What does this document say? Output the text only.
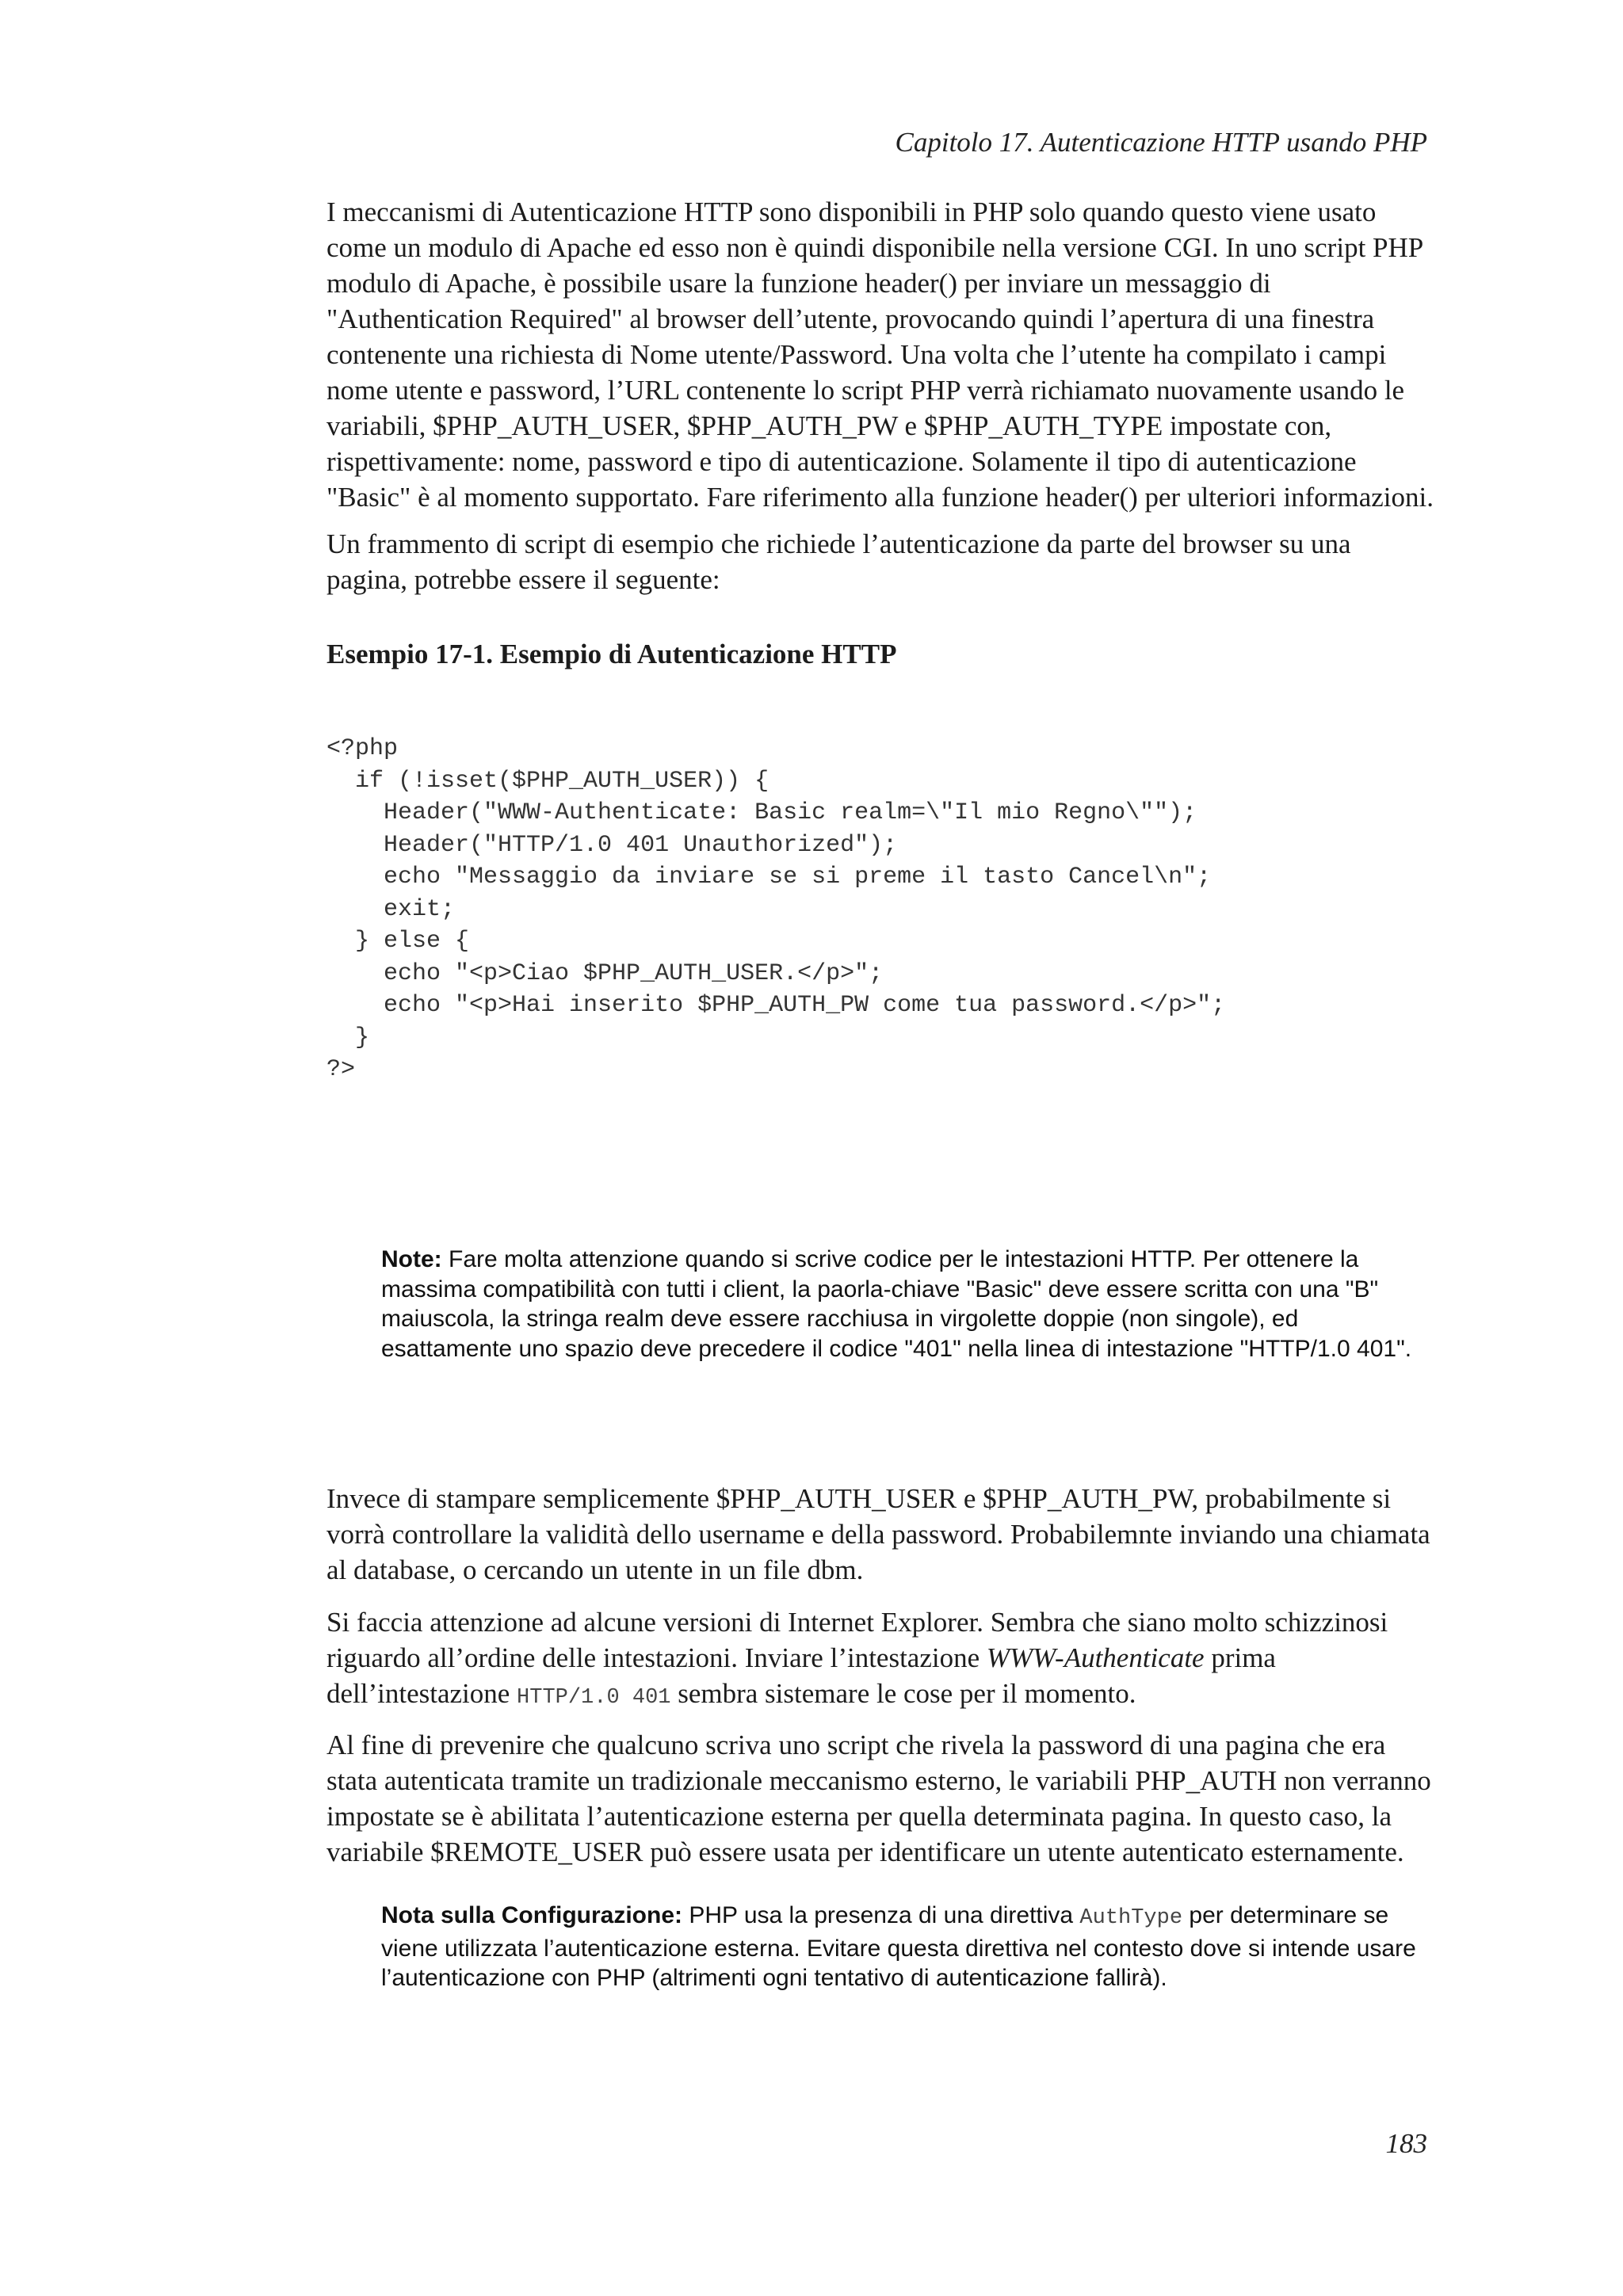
Capitolo 17. Autenticazione HTTP usando PHP

I meccanismi di Autenticazione HTTP sono disponibili in PHP solo quando questo viene usato come un modulo di Apache ed esso non è quindi disponibile nella versione CGI. In uno script PHP modulo di Apache, è possibile usare la funzione header() per inviare un messaggio di "Authentication Required" al browser dell’utente, provocando quindi l’apertura di una finestra contenente una richiesta di Nome utente/Password. Una volta che l’utente ha compilato i campi nome utente e password, l’URL contenente lo script PHP verrà richiamato nuovamente usando le variabili, $PHP_AUTH_USER, $PHP_AUTH_PW e $PHP_AUTH_TYPE impostate con, rispettivamente: nome, password e tipo di autenticazione. Solamente il tipo di autenticazione "Basic" è al momento supportato. Fare riferimento alla funzione header() per ulteriori informazioni.

Un frammento di script di esempio che richiede l’autenticazione da parte del browser su una pagina, potrebbe essere il seguente:

Esempio 17-1. Esempio di Autenticazione HTTP

<?php
if (!isset($PHP_AUTH_USER)) {
Header("WWW-Authenticate: Basic realm=\"Il mio Regno\"");
Header("HTTP/1.0 401 Unauthorized");
echo "Messaggio da inviare se si preme il tasto Cancel\n";
exit;
} else {
echo "<p>Ciao $PHP_AUTH_USER.</p>";
echo "<p>Hai inserito $PHP_AUTH_PW come tua password.</p>";
}
?>

Note: Fare molta attenzione quando si scrive codice per le intestazioni HTTP. Per ottenere la massima compatibilità con tutti i client, la paorla-chiave "Basic" deve essere scritta con una "B" maiuscola, la stringa realm deve essere racchiusa in virgolette doppie (non singole), ed esattamente uno spazio deve precedere il codice "401" nella linea di intestazione "HTTP/1.0 401".

Invece di stampare semplicemente $PHP_AUTH_USER e $PHP_AUTH_PW, probabilmente si vorrà controllare la validità dello username e della password. Probabilemnte inviando una chiamata al database, o cercando un utente in un file dbm.

Si faccia attenzione ad alcune versioni di Internet Explorer. Sembra che siano molto schizzinosi riguardo all’ordine delle intestazioni. Inviare l’intestazione WWW-Authenticate prima dell’intestazione HTTP/1.0 401 sembra sistemare le cose per il momento.

Al fine di prevenire che qualcuno scriva uno script che rivela la password di una pagina che era stata autenticata tramite un tradizionale meccanismo esterno, le variabili PHP_AUTH non verranno impostate se è abilitata l’autenticazione esterna per quella determinata pagina. In questo caso, la variabile $REMOTE_USER può essere usata per identificare un utente autenticato esternamente.

Nota sulla Configurazione: PHP usa la presenza di una direttiva AuthType per determinare se viene utilizzata l’autenticazione esterna. Evitare questa direttiva nel contesto dove si intende usare l’autenticazione con PHP (altrimenti ogni tentativo di autenticazione fallirà).

183
